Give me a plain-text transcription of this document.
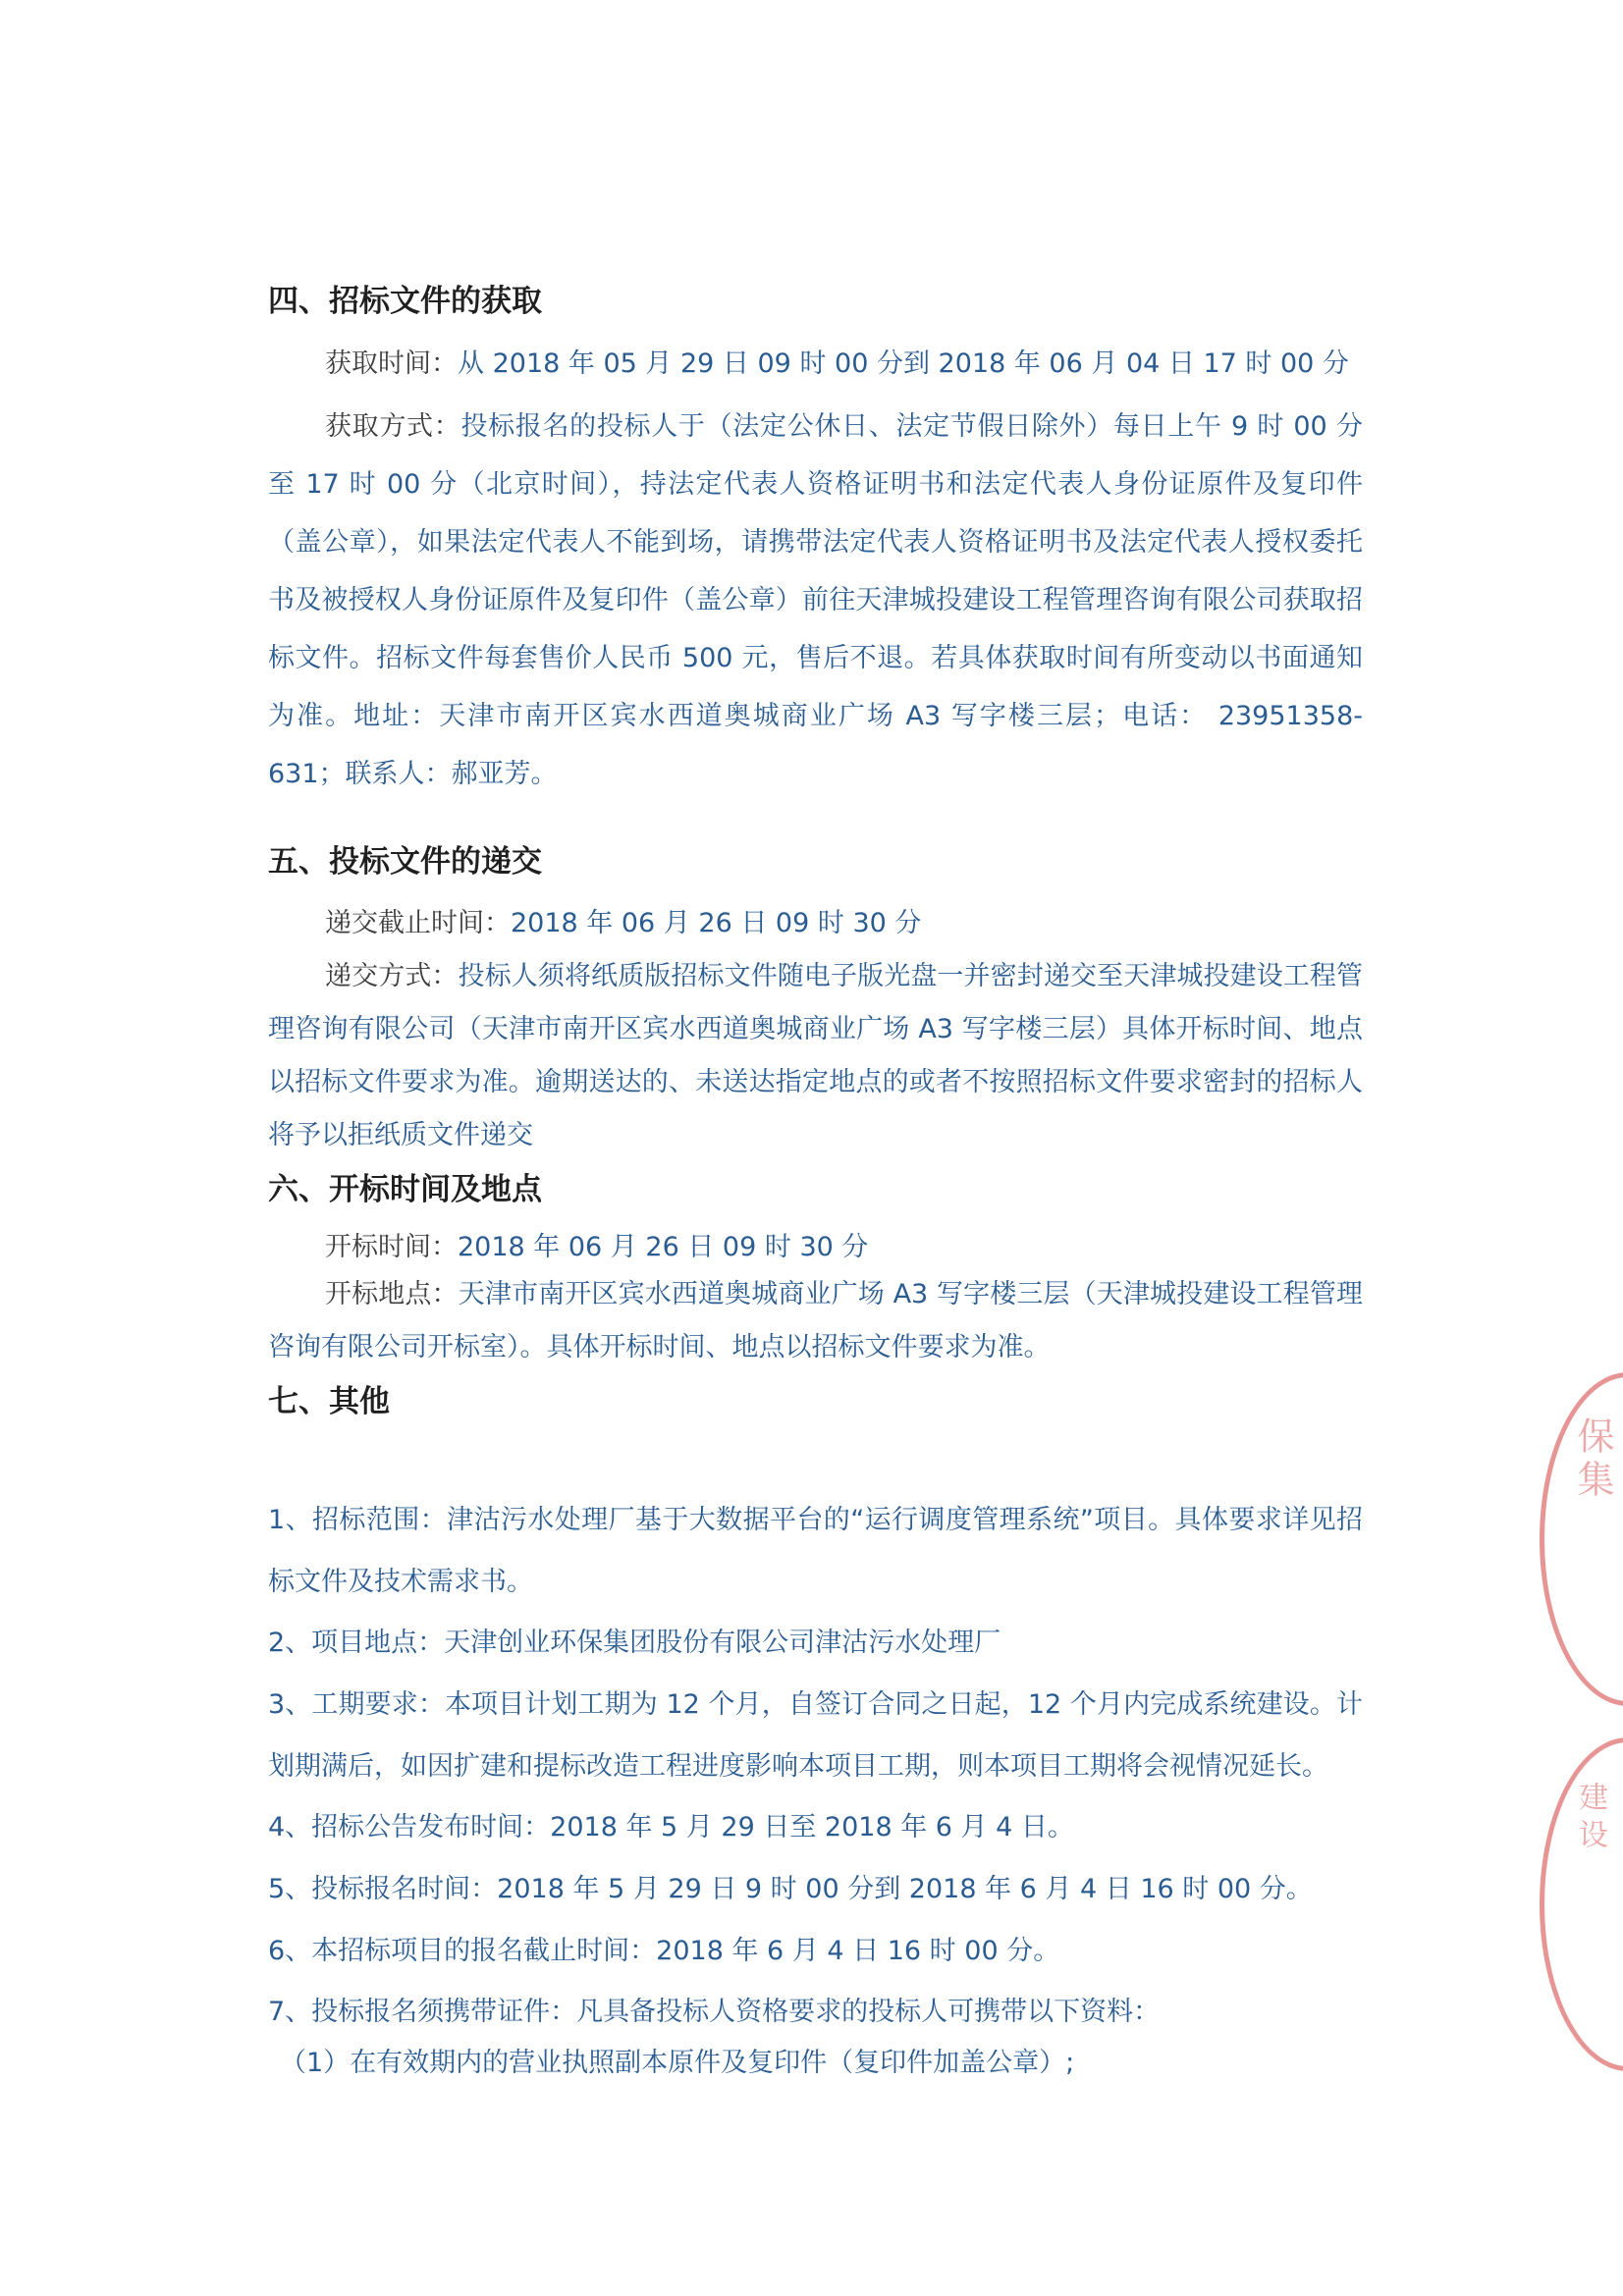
四、招标文件的获取

获取时间：从 2018 年 05 月 29 日 09 时 00 分到 2018 年 06 月 04 日 17 时 00 分

获取方式：投标报名的投标人于（法定公休日、法定节假日除外）每日上午 9 时 00 分至 17 时 00 分（北京时间），持法定代表人资格证明书和法定代表人身份证原件及复印件（盖公章），如果法定代表人不能到场，请携带法定代表人资格证明书及法定代表人授权委托书及被授权人身份证原件及复印件（盖公章）前往天津城投建设工程管理咨询有限公司获取招标文件。招标文件每套售价人民币 500 元，售后不退。若具体获取时间有所变动以书面通知为准。地址：天津市南开区宾水西道奥城商业广场 A3 写字楼三层；电话： 23951358-631；联系人：郝亚芳。

五、投标文件的递交

递交截止时间：2018 年 06 月 26 日 09 时 30 分

递交方式：投标人须将纸质版招标文件随电子版光盘一并密封递交至天津城投建设工程管理咨询有限公司（天津市南开区宾水西道奥城商业广场 A3 写字楼三层）具体开标时间、地点以招标文件要求为准。逾期送达的、未送达指定地点的或者不按照招标文件要求密封的招标人将予以拒纸质文件递交

六、开标时间及地点

开标时间：2018 年 06 月 26 日 09 时 30 分

开标地点：天津市南开区宾水西道奥城商业广场 A3 写字楼三层（天津城投建设工程管理咨询有限公司开标室）。具体开标时间、地点以招标文件要求为准。

七、其他

1、招标范围：津沽污水处理厂基于大数据平台的“运行调度管理系统”项目。具体要求详见招标文件及技术需求书。

2、项目地点：天津创业环保集团股份有限公司津沽污水处理厂

3、工期要求：本项目计划工期为 12 个月，自签订合同之日起，12 个月内完成系统建设。计划期满后，如因扩建和提标改造工程进度影响本项目工期，则本项目工期将会视情况延长。

4、招标公告发布时间：2018 年 5 月 29 日至 2018 年 6 月 4 日。

5、投标报名时间：2018 年 5 月 29 日 9 时 00 分到 2018 年 6 月 4 日 16 时 00 分。

6、本招标项目的报名截止时间：2018 年 6 月 4 日 16 时 00 分。

7、投标报名须携带证件：凡具备投标人资格要求的投标人可携带以下资料：

（1）在有效期内的营业执照副本原件及复印件（复印件加盖公章）;

保集
建设
